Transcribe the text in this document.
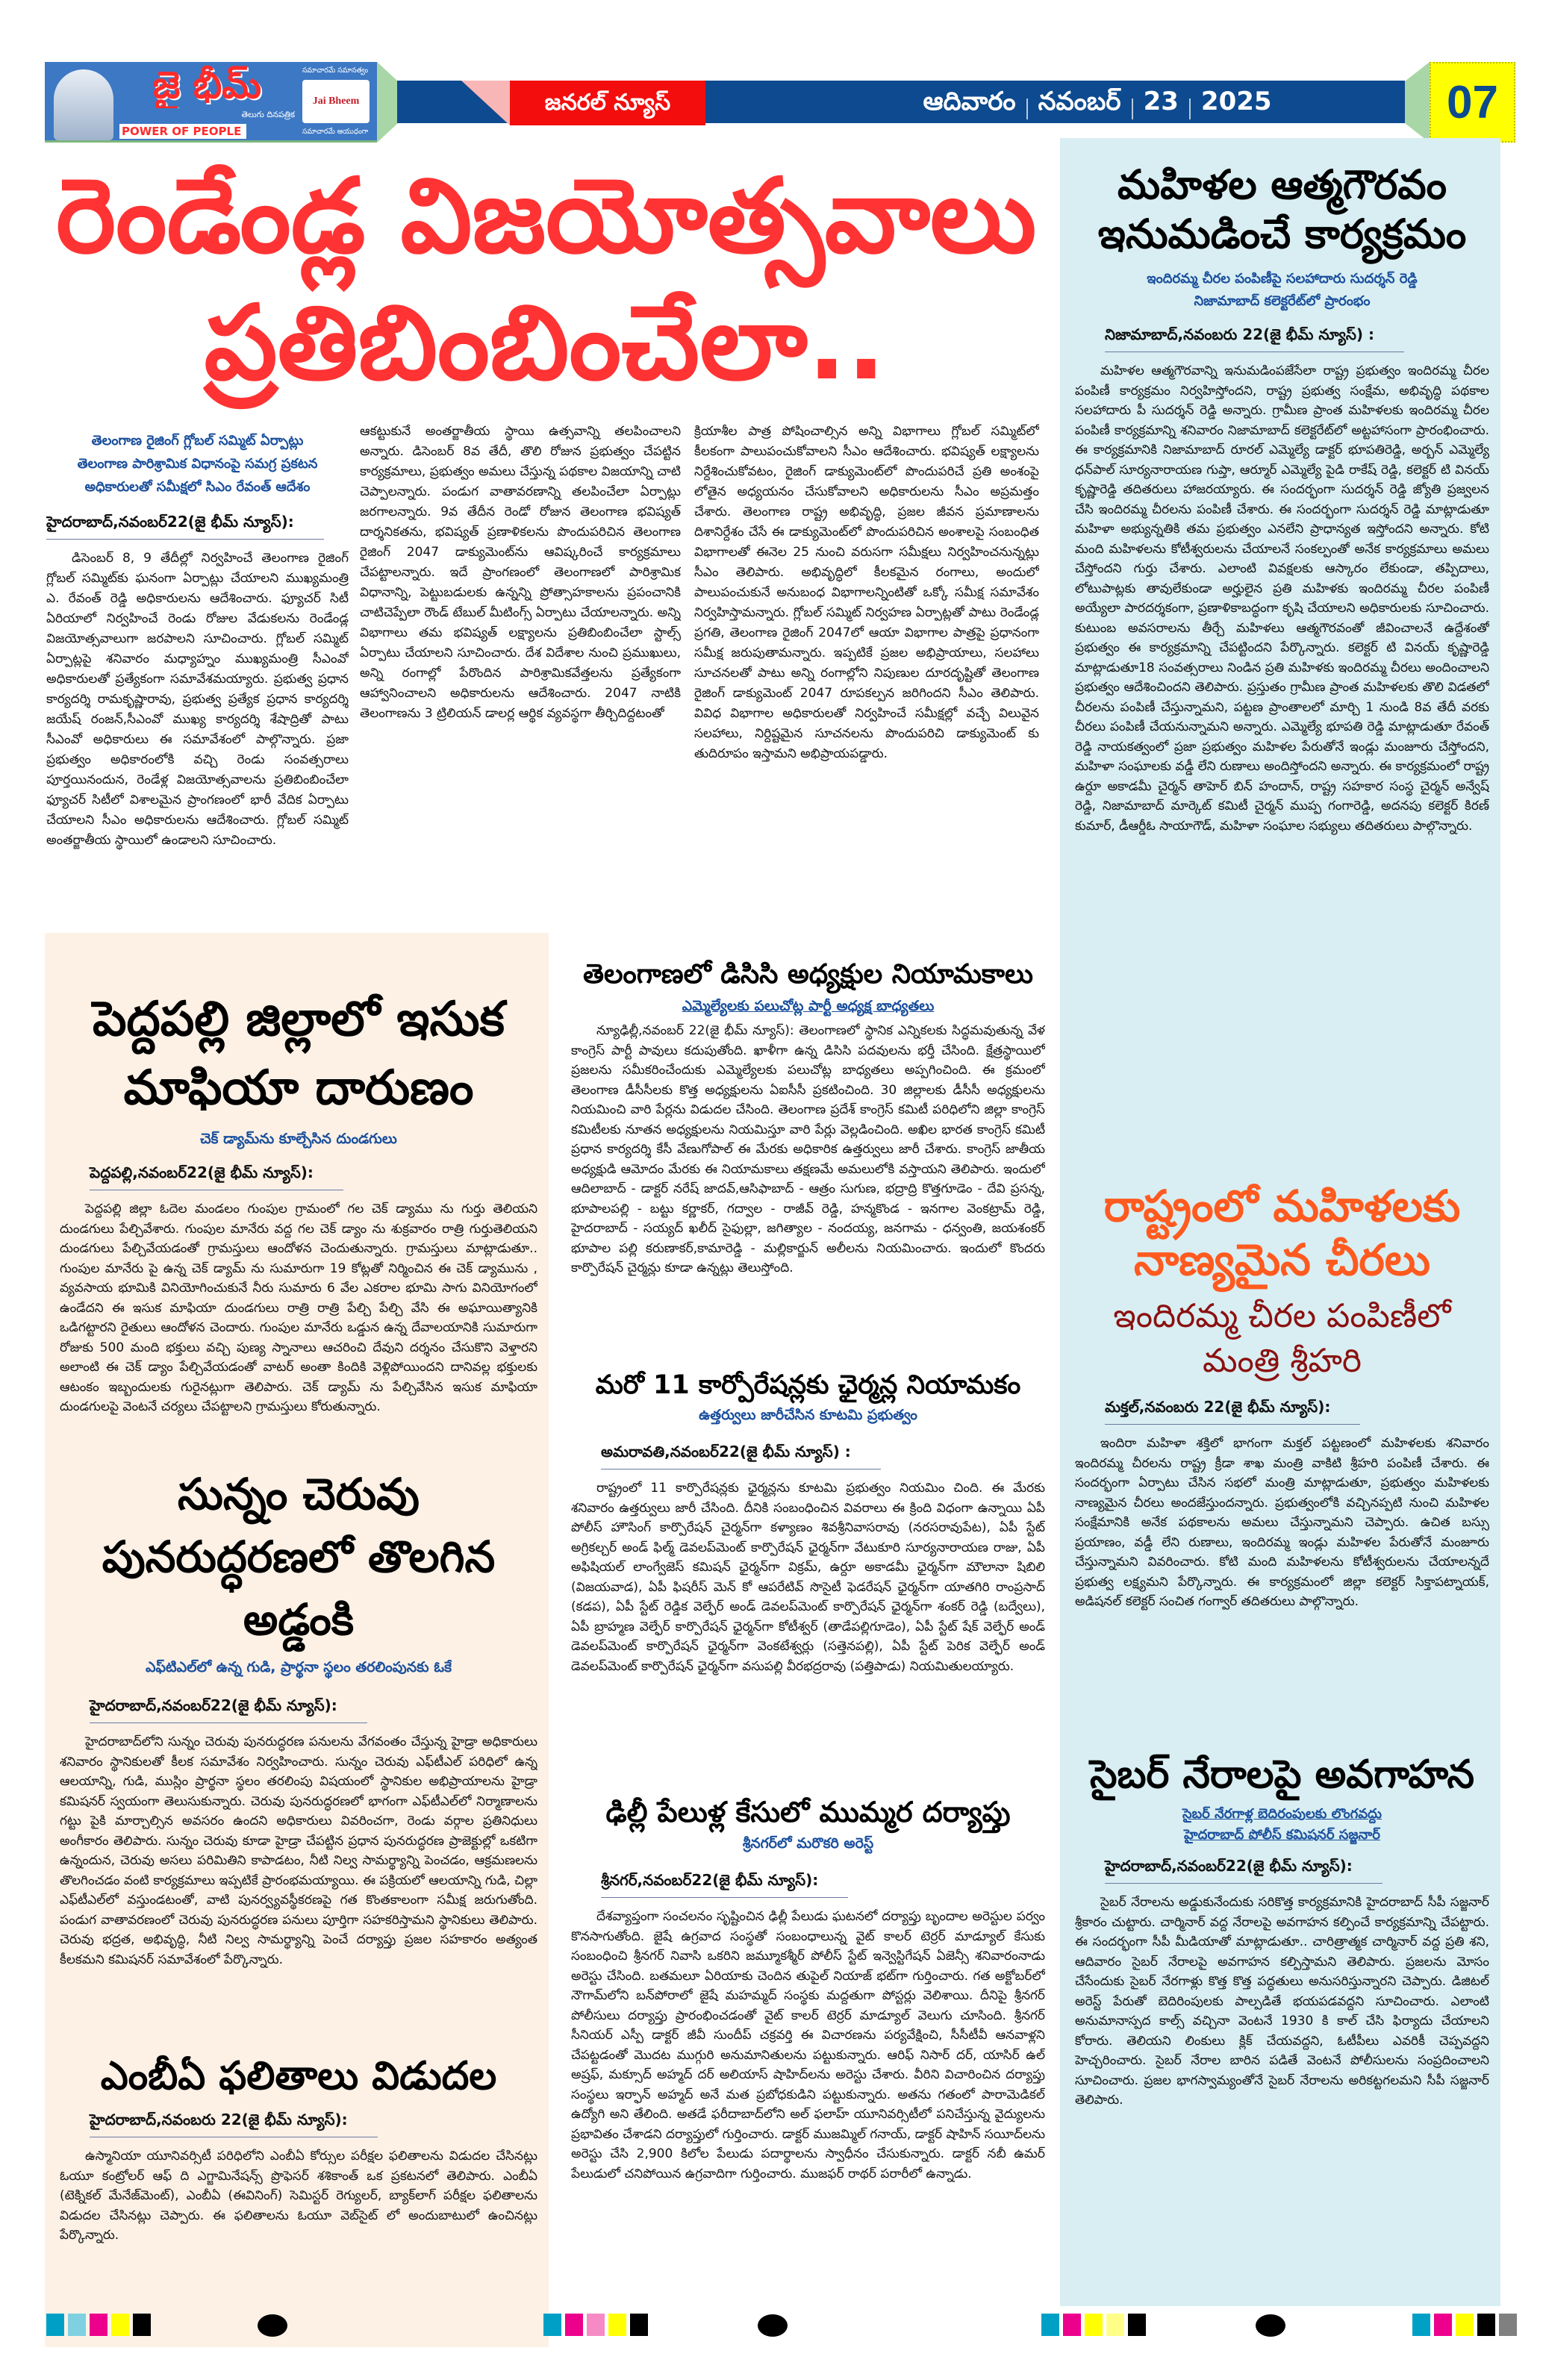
జై భీమ్
తెలుగు దినపత్రిక
POWER OF PEOPLE
సమాచారమే సమానత్వం
Jai Bheem
సమాచారమే ఆయుధంగా
జనరల్ న్యూస్	ఆదివారం నవంబర్ 23 2025	07
రెండేండ్ల విజయోత్సవాలు
ప్రతిబింబించేలా..
తెలంగాణ రైజింగ్ గ్లోబల్ సమ్మిట్ ఏర్పాట్లు
తెలంగాణ పారిశ్రామిక విధానంపై సమగ్ర ప్రకటన
అధికారులతో సమీక్షలో సిఎం రేవంత్ ఆదేశం
హైదరాబాద్,నవంబర్22(జై భీమ్ న్యూస్):
డిసెంబర్ 8, 9 తేదీల్లో నిర్వహించే తెలంగాణ రైజింగ్ గ్లోబల్ సమ్మిట్‌కు ఘనంగా ఏర్పాట్లు చేయాలని ముఖ్యమంత్రి ఎ. రేవంత్ రెడ్డి అధికారులను ఆదేశించారు. ఫ్యూచర్ సిటీ ఏరియాలో నిర్వహించే రెండు రోజుల వేడుకలను రెండేండ్ల విజయోత్సవాలుగా జరపాలని సూచించారు. గ్లోబల్ సమ్మిట్ ఏర్పాట్లపై శనివారం మధ్యాహ్నం ముఖ్యమంత్రి సీఎంవో అధికారులతో ప్రత్యేకంగా సమావేశమయ్యారు. ప్రభుత్వ ప్రధాన కార్యదర్శి రామకృష్ణారావు, ప్రభుత్వ ప్రత్యేక ప్రధాన కార్యదర్శి జయేష్ రంజన్,సీఎంవో ముఖ్య కార్యదర్శి శేషాద్రితో పాటు సీఎంవో అధికారులు ఈ సమావేశంలో పాల్గొన్నారు. ప్రజా ప్రభుత్వం అధికారంలోకి వచ్చి రెండు సంవత్సరాలు పూర్తయినందున, రెండేళ్ల విజయోత్సవాలను ప్రతిబింబించేలా ఫ్యూచర్ సిటీలో విశాలమైన ప్రాంగణంలో భారీ వేదిక ఏర్పాటు చేయాలని సీఎం అధికారులను ఆదేశించారు. గ్లోబల్ సమ్మిట్ అంతర్జాతీయ స్థాయిలో ఉండాలని సూచించారు.
ఆకట్టుకునే అంతర్జాతీయ స్థాయి ఉత్సవాన్ని తలపించాలని అన్నారు. డిసెంబర్ 8వ తేదీ, తొలి రోజున ప్రభుత్వం చేపట్టిన కార్యక్రమాలు, ప్రభుత్వం అమలు చేస్తున్న పథకాల విజయాన్ని చాటి చెప్పాలన్నారు. పండుగ వాతావరణాన్ని తలపించేలా ఏర్పాట్లు జరగాలన్నారు. 9వ తేదీన రెండో రోజున తెలంగాణ భవిష్యత్ దార్శనికతను, భవిష్యత్ ప్రణాళికలను పొందుపరిచిన తెలంగాణ రైజింగ్ 2047 డాక్యుమెంట్‌ను ఆవిష్కరించే కార్యక్రమాలు చేపట్టాలన్నారు. ఇదే ప్రాంగణంలో తెలంగాణలో పారిశ్రామిక విధానాన్ని, పెట్టుబడులకు ఉన్నన్ని ప్రోత్సాహకాలను ప్రపంచానికి చాటిచెప్పేలా రౌండ్ టేబుల్ మీటింగ్స్ ఏర్పాటు చేయాలన్నారు. అన్ని విభాగాలు తమ భవిష్యత్ లక్ష్యాలను ప్రతిబింబించేలా స్టాల్స్ ఏర్పాటు చేయాలని సూచించారు. దేశ విదేశాల నుంచి ప్రముఖులు, అన్ని రంగాల్లో పేరొందిన పారిశ్రామికవేత్తలను ప్రత్యేకంగా ఆహ్వానించాలని అధికారులను ఆదేశించారు. 2047 నాటికి తెలంగాణను 3 ట్రిలియన్ డాలర్ల ఆర్థిక వ్యవస్థగా తీర్చిదిద్దటంతో
క్రియాశీల పాత్ర పోషించాల్సిన అన్ని విభాగాలు గ్లోబల్ సమ్మిట్‌లో కీలకంగా పాలుపంచుకోవాలని సీఎం ఆదేశించారు. భవిష్యత్ లక్ష్యాలను నిర్దేశించుకోవటం, రైజింగ్ డాక్యుమెంట్‌లో పొందుపరిచే ప్రతి అంశంపై లోతైన అధ్యయనం చేసుకోవాలని అధికారులను సీఎం అప్రమత్తం చేశారు. తెలంగాణ రాష్ట్ర అభివృద్ధి, ప్రజల జీవన ప్రమాణాలను దిశానిర్దేశం చేసే ఈ డాక్యుమెంట్‌లో పొందుపరిచిన అంశాలపై సంబంధిత విభాగాలతో ఈనెల 25 నుంచి వరుసగా సమీక్షలు నిర్వహించనున్నట్లు సీఎం తెలిపారు. అభివృద్ధిలో కీలకమైన రంగాలు, అందులో పాలుపంచుకునే అనుబంధ విభాగాలన్నింటితో ఒక్కో సమీక్ష సమావేశం నిర్వహిస్తామన్నారు. గ్లోబల్ సమ్మిట్ నిర్వహణ ఏర్పాట్లతో పాటు రెండేండ్ల ప్రగతి, తెలంగాణ రైజింగ్ 2047లో ఆయా విభాగాల పాత్రపై ప్రధానంగా సమీక్ష జరుపుతామన్నారు. ఇప్పటికే ప్రజల అభిప్రాయాలు, సలహాలు సూచనలతో పాటు అన్ని రంగాల్లోని నిపుణుల దూరదృష్టితో తెలంగాణ రైజింగ్ డాక్యుమెంట్ 2047 రూపకల్పన జరిగిందని సీఎం తెలిపారు. వివిధ విభాగాల అధికారులతో నిర్వహించే సమీక్షల్లో వచ్చే విలువైన సలహాలు, నిర్దిష్టమైన సూచనలను పొందుపరిచి డాక్యుమెంట్ కు తుదిరూపం ఇస్తామని అభిప్రాయపడ్డారు.
మహిళల ఆత్మగౌరవం
ఇనుమడించే కార్యక్రమం
ఇందిరమ్మ చీరల పంపిణీపై సలహాదారు సుదర్శన్ రెడ్డి
నిజామాబాద్ కలెక్టరేట్‌లో ప్రారంభం
నిజామాబాద్,నవంబరు 22(జై భీమ్ న్యూస్) :
మహిళల ఆత్మగౌరవాన్ని ఇనుమడింపజేసేలా రాష్ట్ర ప్రభుత్వం ఇందిరమ్మ చీరల పంపిణీ కార్యక్రమం నిర్వహిస్తోందని, రాష్ట్ర ప్రభుత్వ సంక్షేమ, అభివృద్ధి పథకాల సలహాదారు పీ సుదర్శన్ రెడ్డి అన్నారు. గ్రామీణ ప్రాంత మహిళలకు ఇందిరమ్మ చీరల పంపిణీ కార్యక్రమాన్ని శనివారం నిజామాబాద్ కలెక్టరేట్‌లో అట్టహాసంగా ప్రారంభించారు. ఈ కార్యక్రమానికి నిజామాబాద్ రూరల్ ఎమ్మెల్యే డాక్టర్ భూపతిరెడ్డి, అర్బన్ ఎమ్మెల్యే ధన్‌పాల్ సూర్యనారాయణ గుప్తా, ఆర్మూర్ ఎమ్మెల్యే పైడి రాకేష్ రెడ్డి, కలెక్టర్ టి వినయ్ కృష్ణారెడ్డి తదితరులు హాజరయ్యారు. ఈ సందర్భంగా సుదర్శన్ రెడ్డి జ్యోతి ప్రజ్వలన చేసి ఇందిరమ్మ చీరలను పంపిణీ చేశారు. ఈ సందర్భంగా సుదర్శన్ రెడ్డి మాట్లాడుతూ మహిళా అభ్యున్నతికి తమ ప్రభుత్వం ఎనలేని ప్రాధాన్యత ఇస్తోందని అన్నారు. కోటి మంది మహిళలను కోటీశ్వరులను చేయాలనే సంకల్పంతో అనేక కార్యక్రమాలు అమలు చేస్తోందని గుర్తు చేశారు. ఎలాంటి వివక్షలకు ఆస్కారం లేకుండా, తప్పిదాలు, లోటుపాట్లకు తావులేకుండా అర్హులైన ప్రతి మహిళకు ఇందిరమ్మ చీరల పంపిణీ అయ్యేలా పారదర్శకంగా, ప్రణాళికాబద్ధంగా కృషి చేయాలని అధికారులకు సూచించారు. కుటుంబ అవసరాలను తీర్చే మహిళలు ఆత్మగౌరవంతో జీవించాలనే ఉద్దేశంతో ప్రభుత్వం ఈ కార్యక్రమాన్ని చేపట్టిందని పేర్కొన్నారు. కలెక్టర్ టి వినయ్ కృష్ణారెడ్డి మాట్లాడుతూ18 సంవత్సరాలు నిండిన ప్రతి మహిళకు ఇందిరమ్మ చీరలు అందించాలని ప్రభుత్వం ఆదేశించిందని తెలిపారు. ప్రస్తుతం గ్రామీణ ప్రాంత మహిళలకు తొలి విడతలో చీరలను పంపిణీ చేస్తున్నామని, పట్టణ ప్రాంతాలలో మార్చి 1 నుండి 8వ తేదీ వరకు చీరలు పంపిణీ చేయనున్నామని అన్నారు. ఎమ్మెల్యే భూపతి రెడ్డి మాట్లాడుతూ రేవంత్ రెడ్డి నాయకత్వంలో ప్రజా ప్రభుత్వం మహిళల పేరుతోనే ఇండ్లు మంజూరు చేస్తోందని, మహిళా సంఘాలకు వడ్డీ లేని రుణాలు అందిస్తోందని అన్నారు. ఈ కార్యక్రమంలో రాష్ట్ర ఉర్దూ అకాడమీ చైర్మన్ తాహెర్ బిన్ హందాన్, రాష్ట్ర సహకార సంస్థ చైర్మన్ అన్వేష్ రెడ్డి, నిజామాబాద్ మార్కెట్ కమిటీ చైర్మన్ ముప్ప గంగారెడ్డి, అదనపు కలెక్టర్ కిరణ్ కుమార్, డీఆర్డీఓ సాయాగౌడ్, మహిళా సంఘాల సభ్యులు తదితరులు పాల్గొన్నారు.
రాష్ట్రంలో మహిళలకు
నాణ్యమైన చీరలు
ఇందిరమ్మ చీరల పంపిణీలో
మంత్రి శ్రీహరి
మక్తల్,నవంబరు 22(జై భీమ్ న్యూస్):
ఇందిరా మహిళా శక్తిలో భాగంగా మక్తల్ పట్టణంలో మహిళలకు శనివారం ఇందిరమ్మ చీరలను రాష్ట్ర క్రీడా శాఖ మంత్రి వాకిటి శ్రీహరి పంపిణీ చేశారు. ఈ సందర్భంగా ఏర్పాటు చేసిన సభలో మంత్రి మాట్లాడుతూ, ప్రభుత్వం మహిళలకు నాణ్యమైన చీరలు అందజేస్తుందన్నారు. ప్రభుత్వంలోకి వచ్చినప్పటి నుంచి మహిళల సంక్షేమానికి అనేక పథకాలను అమలు చేస్తున్నామని చెప్పారు. ఉచిత బస్సు ప్రయాణం, వడ్డీ లేని రుణాలు, ఇందిరమ్మ ఇండ్లు మహిళల పేరుతోనే మంజూరు చేస్తున్నామని వివరించారు. కోటి మంది మహిళలను కోటీశ్వరులను చేయాలన్నదే ప్రభుత్వ లక్ష్యమని పేర్కొన్నారు. ఈ కార్యక్రమంలో జిల్లా కలెక్టర్ సిక్తాపట్నాయక్, అడిషనల్ కలెక్టర్ సంచిత గంగ్వార్ తదితరులు పాల్గొన్నారు.
సైబర్ నేరాలపై అవగాహన
సైబర్ నేరగాళ్ల బెదిరంపులకు లొంగవద్దు
హైదరాబాద్ పోలీస్ కమిషనర్ సజ్జనార్
హైదరాబాద్,నవంబర్22(జై భీమ్ న్యూస్):
సైబర్ నేరాలను అడ్డుకునేందుకు సరికొత్త కార్యక్రమానికి హైదరాబాద్ సీపీ సజ్జనార్ శ్రీకారం చుట్టారు. చార్మినార్ వద్ద నేరాలపై అవగాహన కల్పించే కార్యక్రమాన్ని చేపట్టారు. ఈ సందర్భంగా సీపీ మీడియాతో మాట్లాడుతూ.. చారిత్రాత్మక చార్మినార్ వద్ద ప్రతి శని, ఆదివారం సైబర్ నేరాలపై అవగాహన కల్పిస్తామని తెలిపారు. ప్రజలను మోసం చేసేందుకు సైబర్ నేరగాళ్లు కొత్త కొత్త పద్ధతులు అనుసరిస్తున్నారని చెప్పారు. డిజిటల్ అరెస్ట్ పేరుతో బెదిరింపులకు పాల్పడితే భయపడవద్దని సూచించారు. ఎలాంటి అనుమానాస్పద కాల్స్ వచ్చినా వెంటనే 1930 కి కాల్ చేసి ఫిర్యాదు చేయాలని కోరారు. తెలియని లింకులు క్లిక్ చేయవద్దని, ఓటీపీలు ఎవరికీ చెప్పవద్దని హెచ్చరించారు. సైబర్ నేరాల బారిన పడితే వెంటనే పోలీసులను సంప్రదించాలని సూచించారు. ప్రజల భాగస్వామ్యంతోనే సైబర్ నేరాలను అరికట్టగలమని సీపీ సజ్జనార్ తెలిపారు.
పెద్దపల్లి జిల్లాలో ఇసుక మాఫియా దారుణం
చెక్ డ్యామ్‌ను కూల్చేసిన దుండగులు
పెద్దపల్లి,నవంబర్22(జై భీమ్ న్యూస్):
పెద్దపల్లి జిల్లా ఓదెల మండలం గుంపుల గ్రామంలో గల చెక్ డ్యాము ను గుర్తు తెలియని దుండగులు పేల్చివేశారు. గుంపుల మానేరు వద్ద గల చెక్ డ్యాం ను శుక్రవారం రాత్రి గుర్తుతెలియని దుండగులు పేల్చివేయడంతో గ్రామస్తులు ఆందోళన చెందుతున్నారు. గ్రామస్తులు మాట్లాడుతూ.. గుంపుల మానేరు పై ఉన్న చెక్ డ్యామ్ ను సుమారుగా 19 కోట్లతో నిర్మించిన ఈ చెక్ డ్యామును , వ్యవసాయ భూమికి వినియోగించుకునే నీరు సుమారు 6 వేల ఎకరాల భూమి సాగు వినియోగంలో ఉండేదని ఈ ఇసుక మాఫియా దుండగులు రాత్రి రాత్రి పేల్చి పేల్చి వేసి ఈ అఘాయిత్యానికి ఒడిగట్టారని రైతులు ఆందోళన చెందారు. గుంపుల మానేరు ఒడ్డున ఉన్న దేవాలయానికి సుమారుగా రోజుకు 500 మంది భక్తులు వచ్చి పుణ్య స్నానాలు ఆచరించి దేవుని దర్శనం చేసుకొని వెళ్తారని అలాంటి ఈ చెక్ డ్యాం పేల్చివేయడంతో వాటర్ అంతా కిందికి వెళ్లిపోయిందని దానివల్ల భక్తులకు ఆటంకం ఇబ్బందులకు గురైనట్లుగా తెలిపారు. చెక్ డ్యామ్ ను పేల్చివేసిన ఇసుక మాఫియా దుండగులపై వెంటనే చర్యలు చేపట్టాలని గ్రామస్తులు కోరుతున్నారు.
సున్నం చెరువు పునరుద్ధరణలో తొలగిన అడ్డంకి
ఎఫ్‌టిఎల్‌లో ఉన్న గుడి, ప్రార్థనా స్థలం తరలింపునకు ఓకే
హైదరాబాద్,నవంబర్22(జై భీమ్ న్యూస్):
హైదరాబాద్‌లోని సున్నం చెరువు పునరుద్ధరణ పనులను వేగవంతం చేస్తున్న హైడ్రా అధికారులు శనివారం స్థానికులతో కీలక సమావేశం నిర్వహించారు. సున్నం చెరువు ఎఫ్‌టీఎల్ పరిధిలో ఉన్న ఆలయాన్ని, గుడి, ముస్లిం ప్రార్థనా స్థలం తరలింపు విషయంలో స్థానికుల అభిప్రాయాలను హైడ్రా కమిషనర్ స్వయంగా తెలుసుకున్నారు. చెరువు పునరుద్ధరణలో భాగంగా ఎఫ్‌టీఎల్‌లో నిర్మాణాలను గట్టు పైకి మార్చాల్సిన అవసరం ఉందని అధికారులు వివరించగా, రెండు వర్గాల ప్రతినిధులు అంగీకారం తెలిపారు. సున్నం చెరువు కూడా హైడ్రా చేపట్టిన ప్రధాన పునరుద్ధరణ ప్రాజెక్టుల్లో ఒకటిగా ఉన్నందున, చెరువు అసలు పరిమితిని కాపాడటం, నీటి నిల్వ సామర్థ్యాన్ని పెంచడం, ఆక్రమణలను తొలగించడం వంటి కార్యక్రమాలు ఇప్పటికే ప్రారంభమయ్యాయి. ఈ పక్రియలో ఆలయాన్ని గుడి, చిల్లా ఎఫ్‌టీఎల్‌లో వస్తుండటంతో, వాటి పునర్వ్యవస్థీకరణపై గత కొంతకాలంగా సమీక్ష జరుగుతోంది. పండుగ వాతావరణంలో చెరువు పునరుద్ధరణ పనులు పూర్తిగా సహకరిస్తామని స్థానికులు తెలిపారు. చెరువు భద్రత, అభివృద్ధి, నీటి నిల్వ సామర్థ్యాన్ని పెంచే దర్యాప్తు ప్రజల సహకారం అత్యంత కీలకమని కమిషనర్ సమావేశంలో పేర్కొన్నారు.
ఎంబీఏ ఫలితాలు విడుదల
హైదరాబాద్,నవంబరు 22(జై భీమ్ న్యూస్):
ఉస్మానియా యూనివర్సిటీ పరిధిలోని ఎంబీఏ కోర్సుల పరీక్షల ఫలితాలను విడుదల చేసినట్లు ఓయూ కంట్రోలర్ ఆఫ్ ది ఎగ్జామినేషన్స్ ప్రొఫెసర్ శశికాంత్ ఒక ప్రకటనలో తెలిపారు. ఎంబీఏ (టెక్నికల్ మేనేజ్‌మెంట్), ఎంబీఏ (ఈవినింగ్) సెమిస్టర్ రెగ్యులర్, బ్యాక్‌లాగ్ పరీక్షల ఫలితాలను విడుదల చేసినట్లు చెప్పారు. ఈ ఫలితాలను ఓయూ వెబ్‌సైట్ లో అందుబాటులో ఉంచినట్లు పేర్కొన్నారు.
తెలంగాణలో డిసిసి అధ్యక్షుల నియామకాలు
ఎమ్మెల్యేలకు పలుచోట్ల పార్టీ అధ్యక్ష బాధ్యతలు
న్యూఢిల్లీ,నవంబర్ 22(జై భీమ్ న్యూస్): తెలంగాణలో స్థానిక ఎన్నికలకు సిద్ధమవుతున్న వేళ కాంగ్రెస్ పార్టీ పావులు కదుపుతోంది. ఖాళీగా ఉన్న డిసిసి పదవులను భర్తీ చేసింది. క్షేత్రస్థాయిలో ప్రజలను సమీకరించేందుకు ఎమ్మెల్యేలకు పలుచోట్ల బాధ్యతలు అప్పగించింది. ఈ క్రమంలో తెలంగాణ డీసీసీలకు కొత్త అధ్యక్షులను ఏఐసీసీ ప్రకటించింది. 30 జిల్లాలకు డీసీసీ అధ్యక్షులను నియమించి వారి పేర్లను విడుదల చేసింది. తెలంగాణ ప్రదేశ్ కాంగ్రెస్ కమిటీ పరిధిలోని జిల్లా కాంగ్రెస్ కమిటీలకు నూతన అధ్యక్షులను నియమిస్తూ వారి పేర్లు వెల్లడించింది. అఖిల భారత కాంగ్రెస్ కమిటీ ప్రధాన కార్యదర్శి కేసీ వేణుగోపాల్ ఈ మేరకు అధికారిక ఉత్తర్వులు జారీ చేశారు. కాంగ్రెస్ జాతీయ అధ్యక్షుడి ఆమోదం మేరకు ఈ నియామకాలు తక్షణమే అమలులోకి వస్తాయని తెలిపారు. ఇందులో ఆదిలాబాద్ - డాక్టర్ నరేష్ జాదవ్,ఆసిఫాబాద్ - ఆత్రం సుగుణ, భద్రాద్రి కొత్తగూడెం - దేవి ప్రసన్న, భూపాలపల్లి - బట్టు కర్ణాకర్, గద్వాల - రాజీవ్ రెడ్డి, హన్మకొండ - ఇనగాల వెంకట్రామ్ రెడ్డి, హైదరాబాద్ - సయ్యద్ ఖలీద్ సైఫుల్లా, జగిత్యాల - నందయ్య, జనగామ - ధన్వంతి, జయశంకర్ భూపాల పల్లి కరుణాకర్,కామారెడ్డి - మల్లికార్జున్ అలీలను నియమించారు. ఇందులో కొందరు కార్పొరేషన్ చైర్మన్లు కూడా ఉన్నట్లు తెలుస్తోంది.
మరో 11 కార్పోరేషన్లకు ఛైర్మన్ల నియామకం
ఉత్తర్వులు జారీచేసిన కూటమి ప్రభుత్వం
అమరావతి,నవంబర్22(జై భీమ్ న్యూస్) :
రాష్ట్రంలో 11 కార్పొరేషన్లకు ఛైర్మన్లను కూటమి ప్రభుత్వం నియమిం చింది. ఈ మేరకు శనివారం ఉత్తర్వులు జారీ చేసింది. దీనికి సంబంధించిన వివరాలు ఈ క్రింది విధంగా ఉన్నాయి ఏపీ పోలీస్ హౌసింగ్ కార్పొరేషన్ చైర్మన్‌గా కళ్యాణం శివశ్రీనివాసరావు (నరసరావుపేట), ఏపీ స్టేట్ అగ్రికల్చర్ అండ్ ఫిల్మ్ డెవలప్‌మెంట్ కార్పొరేషన్ ఛైర్మన్‌గా వేటుకూరి సూర్యనారాయణ రాజు, ఏపీ అఫిషియల్ లాంగ్వేజెస్ కమిషన్ ఛైర్మన్‌గా విక్రమ్, ఉర్దూ అకాడమీ ఛైర్మన్‌గా మౌలానా షిబిలి (విజయవాడ), ఏపీ ఫిషరీస్ మెన్ కో ఆపరేటివ్ సొసైటీ ఫెడరేషన్ ఛైర్మన్‌గా యాతగిరి రాంప్రసాద్ (కడప), ఏపీ స్టేట్ రెడ్డిక వెల్ఫేర్ అండ్ డెవలప్‌మెంట్ కార్పొరేషన్ ఛైర్మన్‌గా శంకర్ రెడ్డి (బద్వేలు), ఏపీ బ్రాహ్మణ వెల్ఫేర్ కార్పొరేషన్ ఛైర్మన్‌గా కోటీశ్వర్ (తాడేపల్లిగూడెం), ఏపీ స్టేట్ షేక్ వెల్ఫేర్ అండ్ డెవలప్‌మెంట్ కార్పొరేషన్ ఛైర్మన్‌గా వెంకటేశ్వర్లు (సత్తెనపల్లి), ఏపీ స్టేట్ పెరిక వెల్ఫేర్ అండ్ డెవలప్‌మెంట్ కార్పొరేషన్ ఛైర్మన్‌గా వసుపల్లి వీరభద్రరావు (పత్తిపాడు) నియమితులయ్యారు.
ఢిల్లీ పేలుళ్ల కేసులో ముమ్మర దర్యాప్తు
శ్రీనగర్‌లో మరొకరి అరెస్ట్
శ్రీనగర్,నవంబర్22(జై భీమ్ న్యూస్):
దేశవ్యాప్తంగా సంచలనం సృష్టించిన ఢిల్లీ పేలుడు ఘటనలో దర్యాప్తు బృందాల అరెస్టుల పర్వం కొనసాగుతోంది. జైషే ఉగ్రవాద సంస్థతో సంబంధాలున్న వైట్ కాలర్ టెర్రర్ మాడ్యూల్ కేసుకు సంబంధించి శ్రీనగర్ నివాసి ఒకరిని జమ్మూకశ్మీర్ పోలీస్ స్టేట్ ఇన్వెస్టిగేషన్ ఏజెన్సీ శనివారంనాడు అరెస్టు చేసింది. బతమలూ ఏరియాకు చెందిన తుపైల్ నియాజ్ భట్‌గా గుర్తించారు. గత అక్టోబర్‌లో నౌగామ్‌లోని బన్‌పోరాలో జైషే మహమ్మద్ సంస్థకు మద్దతుగా పోస్టర్లు వెలిశాయి. దీనిపై శ్రీనగర్ పోలీసులు దర్యాప్తు ప్రారంభించడంతో వైట్ కాలర్ టెర్రర్ మాడ్యూల్ వెలుగు చూసింది. శ్రీనగర్ సీనియర్ ఎస్పీ డాక్టర్ జీవీ సుందీప్ చక్రవర్తి ఈ విచారణను పర్యవేక్షించి, సీసీటీవీ ఆనవాళ్లని చేపట్టడంతో మొదట ముగ్గురి అనుమానితులను పట్టుకున్నారు. ఆరిఫ్ నిసార్ దర్, యాసిర్ ఉల్ అష్రఫ్, మక్సూద్ అహ్మద్ దర్ అలియాస్ షాహిద్‌లను అరెస్టు చేశారు. వీరిని విచారించిన దర్యాప్తు సంస్థలు ఇర్ఫాన్ అహ్మద్ అనే మత ప్రబోధకుడిని పట్టుకున్నారు. అతను గతంలో పారామెడికల్ ఉద్యోగి అని తేలింది. అతడే ఫరీదాబాద్‌లోని అల్ ఫలాహ్ యూనివర్సిటీలో పనిచేస్తున్న వైద్యులను ప్రభావితం చేశాడని దర్యాప్తులో గుర్తించారు. డాక్టర్ ముజమ్మిల్ గనాయ్, డాక్టర్ షాహిన్ సయీద్‌లను అరెస్టు చేసి 2,900 కిలోల పేలుడు పదార్థాలను స్వాధీనం చేసుకున్నారు. డాక్టర్ నబీ ఉమర్ పేలుడులో చనిపోయిన ఉగ్రవాదిగా గుర్తించారు. ముజఫర్ రాథర్ పరారీలో ఉన్నాడు.
